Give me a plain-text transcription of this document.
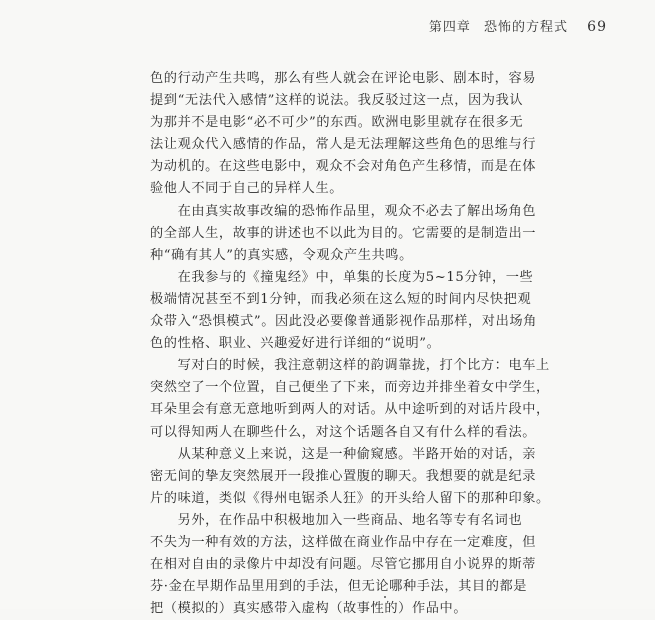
第四章 恐怖的方程式 69
色的行动产生共鸣，那么有些人就会在评论电影、剧本时，容易
提到“无法代入感情”这样的说法。我反驳过这一点，因为我认
为那并不是电影“必不可少”的东西。欧洲电影里就存在很多无
法让观众代入感情的作品，常人是无法理解这些角色的思维与行
为动机的。在这些电影中，观众不会对角色产生移情，而是在体
验他人不同于自己的异样人生。
　　在由真实故事改编的恐怖作品里，观众不必去了解出场角色
的全部人生，故事的讲述也不以此为目的。它需要的是制造出一
种“确有其人”的真实感，令观众产生共鸣。
　　在我参与的《撞鬼经》中，单集的长度为5~15分钟，一些
极端情况甚至不到1分钟，而我必须在这么短的时间内尽快把观
众带入“恐惧模式”。因此没必要像普通影视作品那样，对出场角
色的性格、职业、兴趣爱好进行详细的“说明”。
　　写对白的时候，我注意朝这样的韵调靠拢，打个比方：电车上
突然空了一个位置，自己便坐了下来，而旁边并排坐着女中学生，
耳朵里会有意无意地听到两人的对话。从中途听到的对话片段中，
可以得知两人在聊些什么，对这个话题各自又有什么样的看法。
　　从某种意义上来说，这是一种偷窥感。半路开始的对话，亲
密无间的挚友突然展开一段推心置腹的聊天。我想要的就是纪录
片的味道，类似《得州电锯杀人狂》的开头给人留下的那种印象。
　　另外，在作品中积极地加入一些商品、地名等专有名词也
不失为一种有效的方法，这样做在商业作品中存在一定难度，但
在相对自由的录像片中却没有问题。尽管它挪用自小说界的斯蒂
芬·金在早期作品里用到的手法，但无论哪种手法，其目的都是
把（模拟的）真实感带入虚构（故事性的）作品中。
